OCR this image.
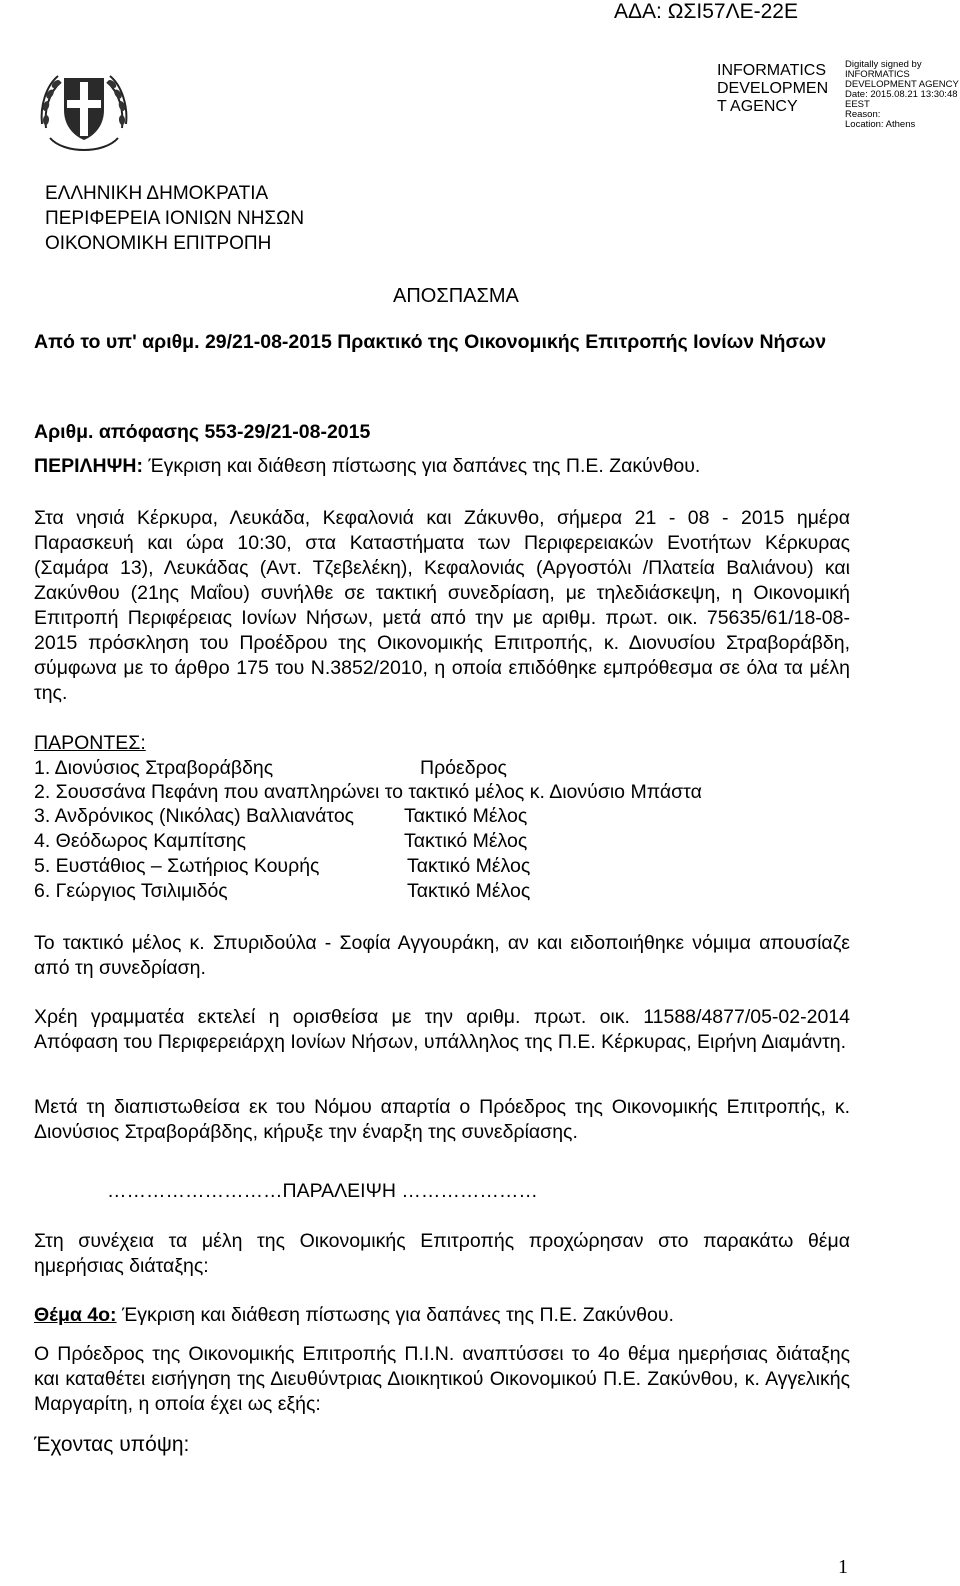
ΑΔΑ: ΩΣΙ57ΛΕ-22Ε
INFORMATICS
DEVELOPMEN
T AGENCY
Digitally signed by
INFORMATICS
DEVELOPMENT AGENCY
Date: 2015.08.21 13:30:48
EEST
Reason:
Location: Athens
ΕΛΛΗΝΙΚΗ ΔΗΜΟΚΡΑΤΙΑ
ΠΕΡΙΦΕΡΕΙΑ ΙΟΝΙΩΝ ΝΗΣΩΝ
ΟΙΚΟΝΟΜΙΚΗ ΕΠΙΤΡΟΠΗ
ΑΠΟΣΠΑΣΜΑ
Από το υπ' αριθμ. 29/21-08-2015 Πρακτικό της Οικονομικής Επιτροπής Ιονίων Νήσων
Αριθμ. απόφασης 553-29/21-08-2015
ΠΕΡΙΛΗΨΗ: Έγκριση και διάθεση πίστωσης για δαπάνες της Π.Ε. Ζακύνθου.
Στα νησιά Κέρκυρα, Λευκάδα, Κεφαλονιά και Ζάκυνθο, σήμερα 21 - 08 - 2015 ημέρα Παρασκευή και ώρα 10:30, στα Καταστήματα των Περιφερειακών Ενοτήτων Κέρκυρας (Σαμάρα 13), Λευκάδας (Αντ. Τζεβελέκη), Κεφαλονιάς (Αργοστόλι /Πλατεία Βαλιάνου) και Ζακύνθου (21ης Μαΐου) συνήλθε σε τακτική συνεδρίαση, με τηλεδιάσκεψη, η Οικονομική Επιτροπή Περιφέρειας Ιονίων Νήσων, μετά από την με αριθμ. πρωτ. οικ. 75635/61/18-08-2015 πρόσκληση του Προέδρου της Οικονομικής Επιτροπής, κ. Διονυσίου Στραβοράβδη, σύμφωνα με το άρθρο 175 του Ν.3852/2010, η οποία επιδόθηκε εμπρόθεσμα σε όλα τα μέλη της.
ΠΑΡΟΝΤΕΣ:
1. Διονύσιος Στραβοράβδης	Πρόεδρος
2. Σουσσάνα Πεφάνη που αναπληρώνει το τακτικό μέλος κ. Διονύσιο Μπάστα
3. Ανδρόνικος (Νικόλας) Βαλλιανάτος	Τακτικό Μέλος
4. Θεόδωρος Καμπίτσης	Τακτικό Μέλος
5. Ευστάθιος – Σωτήριος Κουρής	Τακτικό Μέλος
6. Γεώργιος Τσιλιμιδός	Τακτικό Μέλος
Το τακτικό μέλος κ. Σπυριδούλα - Σοφία Αγγουράκη, αν και ειδοποιήθηκε νόμιμα απουσίαζε από τη συνεδρίαση.
Χρέη γραμματέα εκτελεί η ορισθείσα με την αριθμ. πρωτ. οικ. 11588/4877/05-02-2014 Απόφαση του Περιφερειάρχη Ιονίων Νήσων, υπάλληλος της Π.Ε. Κέρκυρας, Ειρήνη Διαμάντη.
Μετά τη διαπιστωθείσα εκ του Νόμου απαρτία ο Πρόεδρος της Οικονομικής Επιτροπής, κ. Διονύσιος Στραβοράβδης, κήρυξε την έναρξη της συνεδρίασης.
………………………ΠΑΡΑΛΕΙΨΗ …………………
Στη συνέχεια τα μέλη της Οικονομικής Επιτροπής προχώρησαν στο παρακάτω θέμα ημερήσιας διάταξης:
Θέμα 4ο: Έγκριση και διάθεση πίστωσης για δαπάνες της Π.Ε. Ζακύνθου.
Ο Πρόεδρος της Οικονομικής Επιτροπής Π.Ι.Ν. αναπτύσσει το 4ο θέμα ημερήσιας διάταξης και καταθέτει εισήγηση της Διευθύντριας Διοικητικού Οικονομικού Π.Ε. Ζακύνθου, κ. Αγγελικής Μαργαρίτη, η οποία έχει ως εξής:
Έχοντας υπόψη:
1
